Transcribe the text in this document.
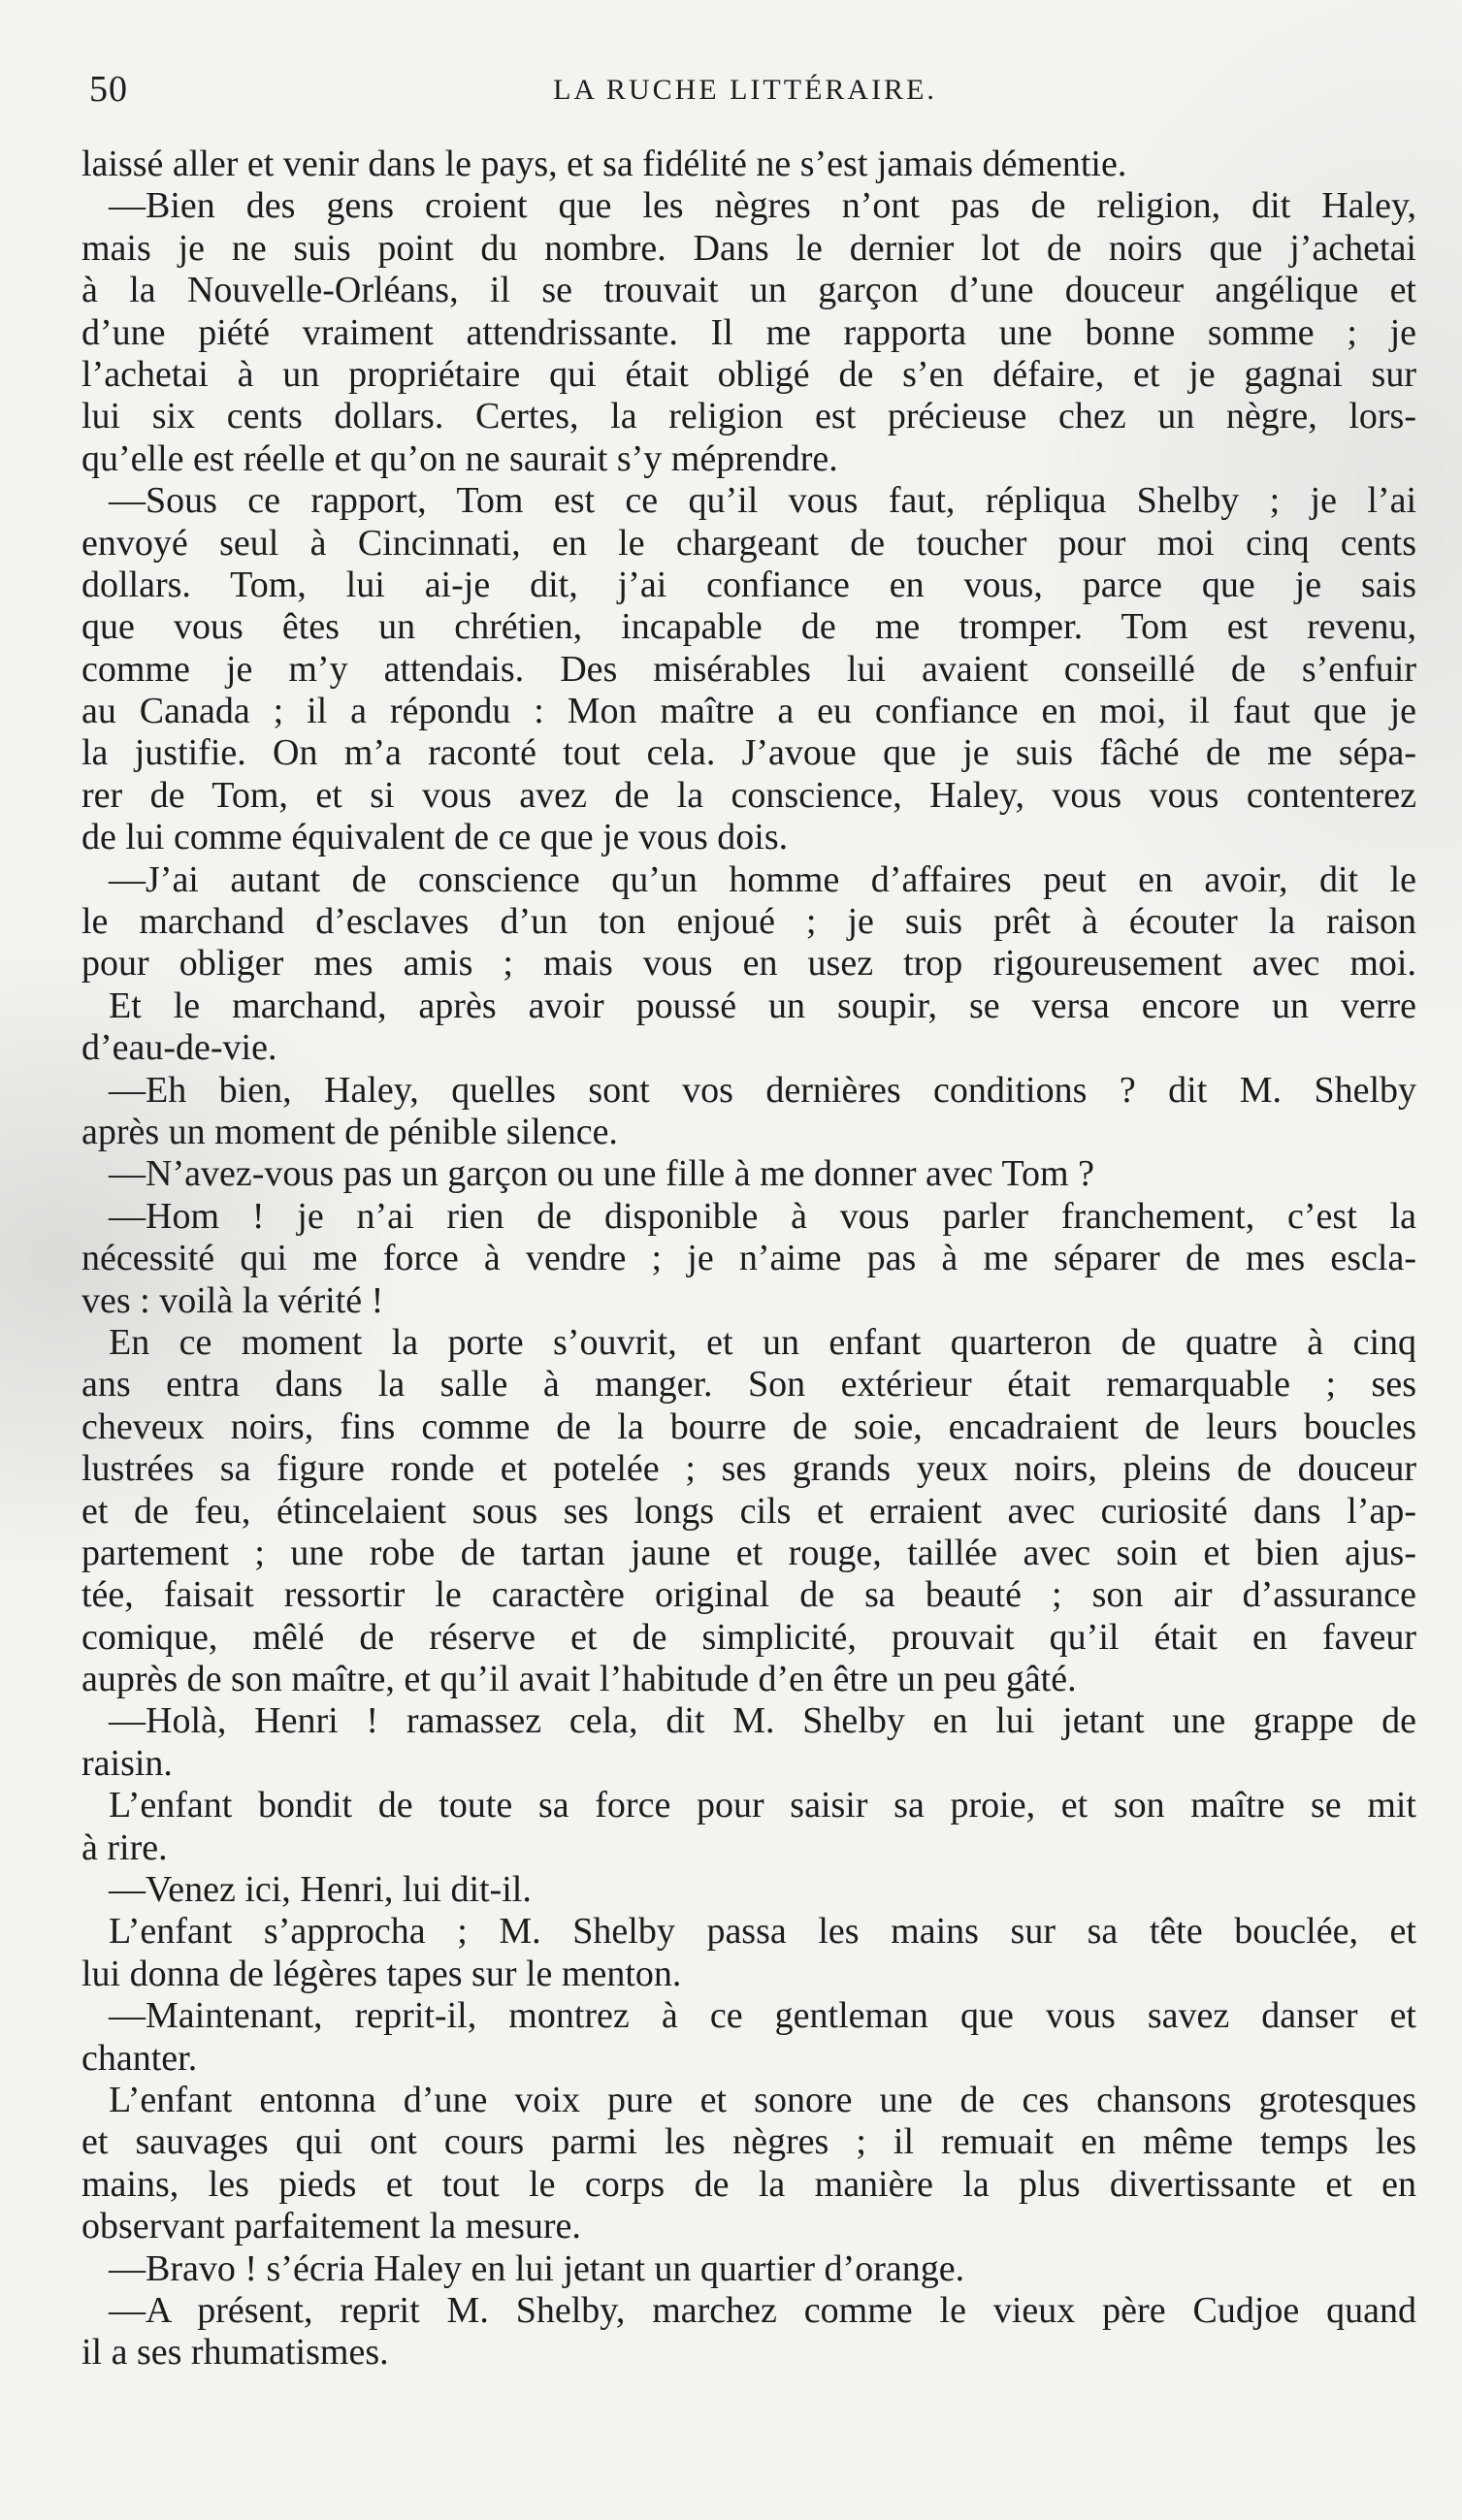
50	LA RUCHE LITTÉRAIRE.
laissé aller et venir dans le pays, et sa fidélité ne s’est jamais démentie.
—Bien des gens croient que les nègres n’ont pas de religion, dit Haley,
mais je ne suis point du nombre. Dans le dernier lot de noirs que j’achetai
à la Nouvelle-Orléans, il se trouvait un garçon d’une douceur angélique et
d’une piété vraiment attendrissante. Il me rapporta une bonne somme ; je
l’achetai à un propriétaire qui était obligé de s’en défaire, et je gagnai sur
lui six cents dollars. Certes, la religion est précieuse chez un nègre, lors-
qu’elle est réelle et qu’on ne saurait s’y méprendre.
—Sous ce rapport, Tom est ce qu’il vous faut, répliqua Shelby ; je l’ai
envoyé seul à Cincinnati, en le chargeant de toucher pour moi cinq cents
dollars. Tom, lui ai-je dit, j’ai confiance en vous, parce que je sais
que vous êtes un chrétien, incapable de me tromper. Tom est revenu,
comme je m’y attendais. Des misérables lui avaient conseillé de s’enfuir
au Canada ; il a répondu : Mon maître a eu confiance en moi, il faut que je
la justifie. On m’a raconté tout cela. J’avoue que je suis fâché de me sépa-
rer de Tom, et si vous avez de la conscience, Haley, vous vous contenterez
de lui comme équivalent de ce que je vous dois.
—J’ai autant de conscience qu’un homme d’affaires peut en avoir, dit le
le marchand d’esclaves d’un ton enjoué ; je suis prêt à écouter la raison
pour obliger mes amis ; mais vous en usez trop rigoureusement avec moi.
Et le marchand, après avoir poussé un soupir, se versa encore un verre
d’eau-de-vie.
—Eh bien, Haley, quelles sont vos dernières conditions ? dit M. Shelby
après un moment de pénible silence.
—N’avez-vous pas un garçon ou une fille à me donner avec Tom ?
—Hom ! je n’ai rien de disponible à vous parler franchement, c’est la
nécessité qui me force à vendre ; je n’aime pas à me séparer de mes escla-
ves : voilà la vérité !
En ce moment la porte s’ouvrit, et un enfant quarteron de quatre à cinq
ans entra dans la salle à manger. Son extérieur était remarquable ; ses
cheveux noirs, fins comme de la bourre de soie, encadraient de leurs boucles
lustrées sa figure ronde et potelée ; ses grands yeux noirs, pleins de douceur
et de feu, étincelaient sous ses longs cils et erraient avec curiosité dans l’ap-
partement ; une robe de tartan jaune et rouge, taillée avec soin et bien ajus-
tée, faisait ressortir le caractère original de sa beauté ; son air d’assurance
comique, mêlé de réserve et de simplicité, prouvait qu’il était en faveur
auprès de son maître, et qu’il avait l’habitude d’en être un peu gâté.
—Holà, Henri ! ramassez cela, dit M. Shelby en lui jetant une grappe de
raisin.
L’enfant bondit de toute sa force pour saisir sa proie, et son maître se mit
à rire.
—Venez ici, Henri, lui dit-il.
L’enfant s’approcha ; M. Shelby passa les mains sur sa tête bouclée, et
lui donna de légères tapes sur le menton.
—Maintenant, reprit-il, montrez à ce gentleman que vous savez danser et
chanter.
L’enfant entonna d’une voix pure et sonore une de ces chansons grotesques
et sauvages qui ont cours parmi les nègres ; il remuait en même temps les
mains, les pieds et tout le corps de la manière la plus divertissante et en
observant parfaitement la mesure.
—Bravo ! s’écria Haley en lui jetant un quartier d’orange.
—A présent, reprit M. Shelby, marchez comme le vieux père Cudjoe quand
il a ses rhumatismes.
